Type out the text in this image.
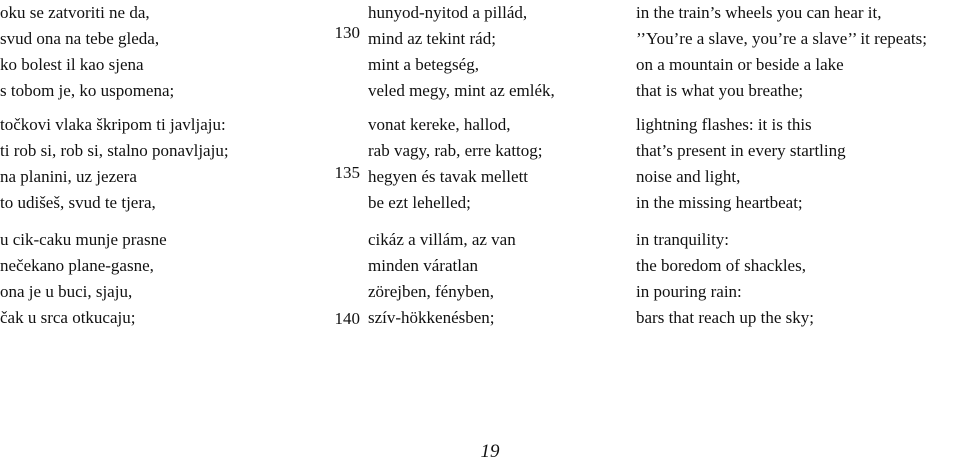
oku se zatvoriti ne da,
svud ona na tebe gleda,
ko bolest il kao sjena
s tobom je, ko uspomena;
točkovi vlaka škripom ti javljaju:
ti rob si, rob si, stalno ponavljaju;
na planini, uz jezera
to udišeš, svud te tjera,
u cik-caku munje prasne
nečekano plane-gasne,
ona je u buci, sjaju,
čak u srca otkucaju;
130
135
140
hunyod-nyitod a pillád,
mind az tekint rád;
mint a betegség,
veled megy, mint az emlék,
vonat kereke, hallod,
rab vagy, rab, erre kattog;
hegyen és tavak mellett
be ezt lehelled;
cikáz a villám, az van
minden váratlan
zörejben, fényben,
szív-hökkenésben;
in the train’s wheels you can hear it,
’’You’re a slave, you’re a slave’’ it repeats;
on a mountain or beside a lake
that is what you breathe;
lightning flashes: it is this
that’s present in every startling
noise and light,
in the missing heartbeat;
in tranquility:
the boredom of shackles,
in pouring rain:
bars that reach up the sky;
19
